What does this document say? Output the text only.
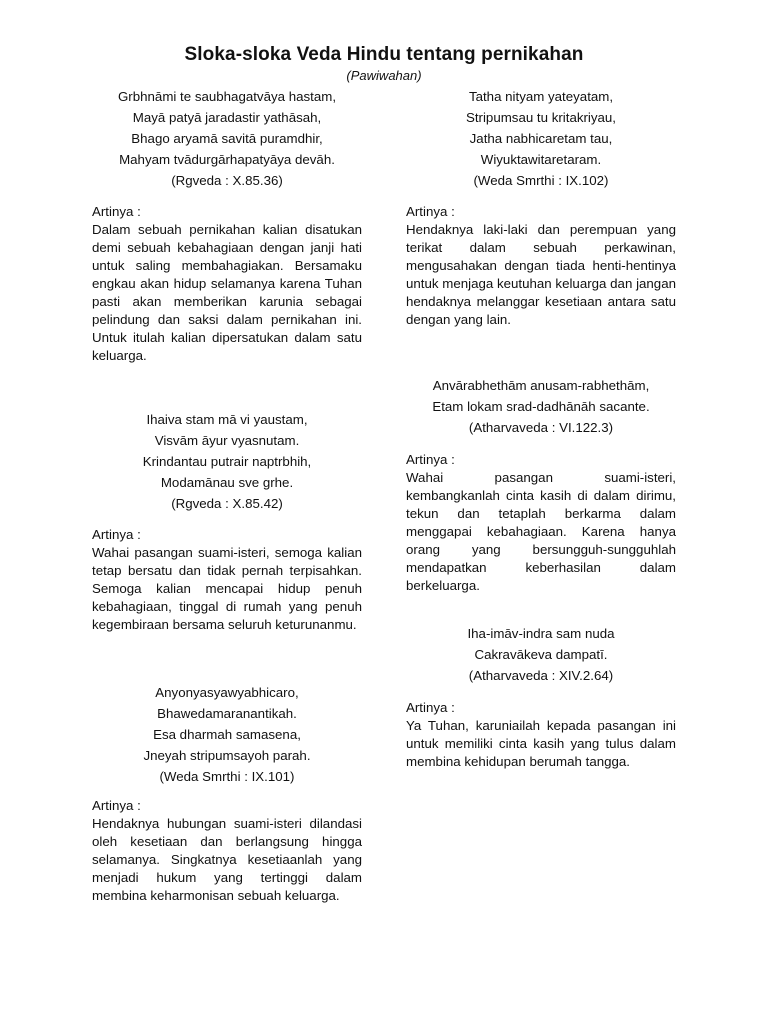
Sloka-sloka Veda Hindu tentang pernikahan
(Pawiwahan)
Grbhnāmi te saubhagatvāya hastam,
Mayā patyā jaradastir yathāsah,
Bhago aryamā savitā puramdhir,
Mahyam tvādurgārhapatyāya devāh.
(Rgveda : X.85.36)
Artinya :
Dalam sebuah pernikahan kalian disatukan demi sebuah kebahagiaan dengan janji hati untuk saling membahagiakan. Bersamaku engkau akan hidup selamanya karena Tuhan pasti akan memberikan karunia sebagai pelindung dan saksi dalam pernikahan ini. Untuk itulah kalian dipersatukan dalam satu keluarga.
Ihaiva stam mā vi yaustam,
Visvām āyur vyasnutam.
Krindantau putrair naptrbhih,
Modamānau sve grhe.
(Rgveda : X.85.42)
Artinya :
Wahai pasangan suami-isteri, semoga kalian tetap bersatu dan tidak pernah terpisahkan. Semoga kalian mencapai hidup penuh kebahagiaan, tinggal di rumah yang penuh kegembiraan bersama seluruh keturunanmu.
Anyonyasyawyabhicaro,
Bhawedamaranantikah.
Esa dharmah samasena,
Jneyah stripumsayoh parah.
(Weda Smrthi : IX.101)
Artinya :
Hendaknya hubungan suami-isteri dilandasi oleh kesetiaan dan berlangsung hingga selamanya. Singkatnya kesetiaanlah yang menjadi hukum yang tertinggi dalam membina keharmonisan sebuah keluarga.
Tatha nityam yateyatam,
Stripumsau tu kritakriyau,
Jatha nabhicaretam tau,
Wiyuktawitaretaram.
(Weda Smrthi : IX.102)
Artinya :
Hendaknya laki-laki dan perempuan yang terikat dalam sebuah perkawinan, mengusahakan dengan tiada henti-hentinya untuk menjaga keutuhan keluarga dan jangan hendaknya melanggar kesetiaan antara satu dengan yang lain.
Anvārabhethām anusam-rabhethām,
Etam lokam srad-dadhānāh sacante.
(Atharvaveda : VI.122.3)
Artinya :
Wahai pasangan suami-isteri, kembangkanlah cinta kasih di dalam dirimu, tekun dan tetaplah berkarma dalam menggapai kebahagiaan. Karena hanya orang yang bersungguh-sungguhlah mendapatkan keberhasilan dalam berkeluarga.
Iha-imāv-indra sam nuda
Cakravākeva dampatī.
(Atharvaveda : XIV.2.64)
Artinya :
Ya Tuhan, karuniailah kepada pasangan ini untuk memiliki cinta kasih yang tulus dalam membina kehidupan berumah tangga.
